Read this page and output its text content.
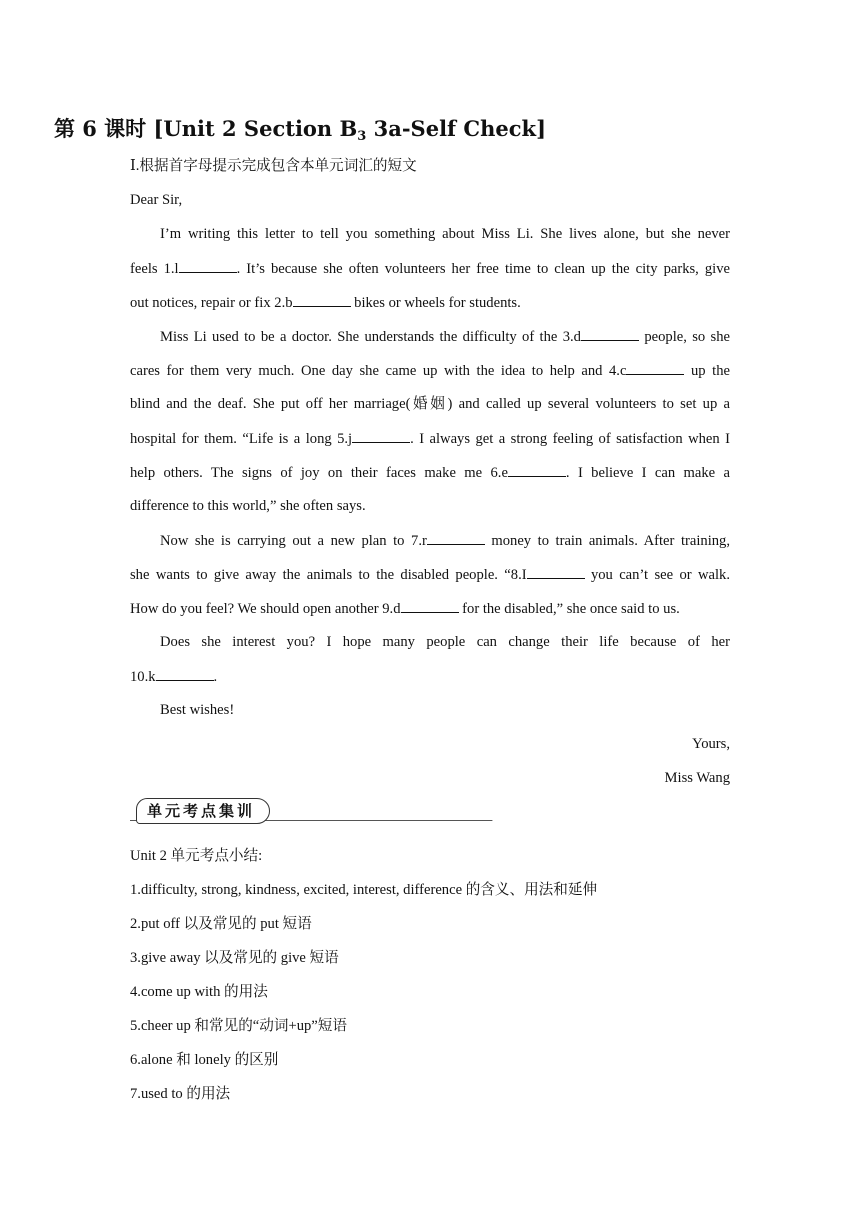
第 6 课时 [Unit 2 Section B3 3a-Self Check]
Ⅰ.根据首字母提示完成包含本单元词汇的短文
Dear Sir,
I’m writing this letter to tell you something about Miss Li. She lives alone, but she never
feels 1.l	. It’s because she often volunteers her free time to clean up the city parks, give
out notices, repair or fix 2.b	bikes or wheels for students.
Miss Li used to be a doctor. She understands the difficulty of the 3.d	people, so she
cares for them very much. One day she came up with the idea to help and 4.c	up the
blind and the deaf. She put off her marriage(婚姻) and called up several volunteers to set up a
hospital for them. “Life is a long 5.j	. I always get a strong feeling of satisfaction when I
help others. The signs of joy on their faces make me 6.e	. I believe I can make a
difference to this world,” she often says.
Now she is carrying out a new plan to 7.r	money to train animals. After training,
she wants to give away the animals to the disabled people. “8.I	you can’t see or walk.
How do you feel? We should open another 9.d	for the disabled,” she once said to us.
Does she interest you? I hope many people can change their life because of her
10.k	.
Best wishes!
Yours,
Miss Wang
单元考点集训
Unit 2 单元考点小结:
1.difficulty, strong, kindness, excited, interest, difference 的含义、用法和延伸
2.put off 以及常见的 put 短语
3.give away 以及常见的 give 短语
4.come up with 的用法
5.cheer up 和常见的“动词+up”短语
6.alone 和 lonely 的区别
7.used to 的用法
